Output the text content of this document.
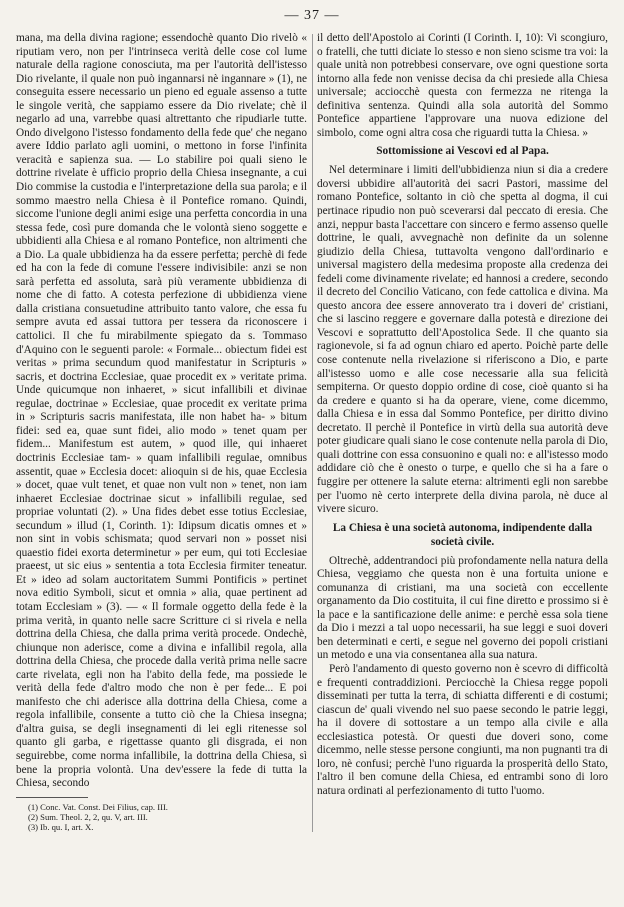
— 37 —

mana, ma della divina ragione; essendochè quanto Dio rivelò « riputiam vero, non per l'intrinseca verità delle cose col lume naturale della ragione conosciuta, ma per l'autorità dell'istesso Dio rivelante, il quale non può ingannarsi nè ingannare » (1), ne conseguita essere necessario un pieno ed eguale assenso a tutte le singole verità, che sappiamo essere da Dio rivelate; chè il negarlo ad una, varrebbe quasi altrettanto che ripudiarle tutte. Ondo divelgono l'istesso fondamento della fede que' che negano avere Iddio parlato agli uomini, o mettono in forse l'infinita veracità e sapienza sua. — Lo stabilire poi quali sieno le dottrine rivelate è ufficio proprio della Chiesa insegnante, a cui Dio commise la custodia e l'interpretazione della sua parola; e il sommo maestro nella Chiesa è il Pontefice romano. Quindi, siccome l'unione degli animi esige una perfetta concordia in una stessa fede, così pure domanda che le volontà sieno soggette e ubbidienti alla Chiesa e al romano Pontefice, non altrimenti che a Dio. La quale ubbidienza ha da essere perfetta; perchè di fede ed ha con la fede di comune l'essere indivisibile: anzi se non sarà perfetta ed assoluta, sarà più veramente ubbidienza di nome che di fatto. A cotesta perfezione di ubbidienza viene dalla cristiana consuetudine attribuito tanto valore, che essa fu sempre avuta ed assai tuttora per tessera da riconoscere i cattolici. Il che fu mirabilmente spiegato da s. Tommaso d'Aquino con le seguenti parole: « Formale... obiectum fidei est veritas » prima secundum quod manifestatur in Scripturis » sacris, et doctrina Ecclesiae, quae procedit ex » veritate prima. Unde quicumque non inhaeret, » sicut infallibili et divinae regulae, doctrinae » Ecclesiae, quae procedit ex veritate prima in » Scripturis sacris manifestata, ille non habet ha- » bitum fidei: sed ea, quae sunt fidei, alio modo » tenet quam per fidem... Manifestum est autem, » quod ille, qui inhaeret doctrinis Ecclesiae tam- » quam infallibili regulae, omnibus assentit, quae » Ecclesia docet: alioquin si de his, quae Ecclesia » docet, quae vult tenet, et quae non vult non » tenet, non iam inhaeret Ecclesiae doctrinae sicut » infallibili regulae, sed propriae voluntati (2). » Una fides debet esse totius Ecclesiae, secundum » illud (1, Corinth. 1): Idipsum dicatis omnes et » non sint in vobis schismata; quod servari non » posset nisi quaestio fidei exorta determinetur » per eum, qui toti Ecclesiae praeest, ut sic eius » sententia a tota Ecclesia firmiter teneatur. Et » ideo ad solam auctoritatem Summi Pontificis » pertinet nova editio Symboli, sicut et omnia » alia, quae pertinent ad totam Ecclesiam » (3). — « Il formale oggetto della fede è la prima verità, in quanto nelle sacre Scritture ci si rivela e nella dottrina della Chiesa, che dalla prima verità procede. Ondechè, chiunque non aderisce, come a divina e infallibil regola, alla dottrina della Chiesa, che procede dalla verità prima nelle sacre carte rivelata, egli non ha l'abito della fede, ma possiede le verità della fede d'altro modo che non è per fede... E poi manifesto che chi aderisce alla dottrina della Chiesa, come a regola infallibile, consente a tutto ciò che la Chiesa insegna; d'altra guisa, se degli insegnamenti di lei egli ritenesse sol quanto gli garba, e rigettasse quanto gli disgrada, ei non seguirebbe, come norma infallibile, la dottrina della Chiesa, sì bene la propria volontà. Una dev'essere la fede di tutta la Chiesa, secondo

(1) Conc. Vat. Const. Dei Filius, cap. III.

(2) Sum. Theol. 2, 2, qu. V, art. III.

(3) Ib. qu. I, art. X.

il detto dell'Apostolo ai Corinti (I Corinth. I, 10): Vi scongiuro, o fratelli, che tutti diciate lo stesso e non sieno scisme tra voi: la quale unità non potrebbesi conservare, ove ogni questione sorta intorno alla fede non venisse decisa da chi presiede alla Chiesa universale; acciocchè questa con fermezza ne ritenga la definitiva sentenza. Quindi alla sola autorità del Sommo Pontefice appartiene l'approvare una nuova edizione del simbolo, come ogni altra cosa che riguardi tutta la Chiesa. »

Sottomissione ai Vescovi ed al Papa.

Nel determinare i limiti dell'ubbidienza niun si dia a credere doversi ubbidire all'autorità dei sacri Pastori, massime del romano Pontefice, soltanto in ciò che spetta al dogma, il cui pertinace ripudio non può sceverarsi dal peccato di eresia. Che anzi, neppur basta l'accettare con sincero e fermo assenso quelle dottrine, le quali, avvegnachè non definite da un solenne giudizio della Chiesa, tuttavolta vengono dall'ordinario e universal magistero della medesima proposte alla credenza dei fedeli come divinamente rivelate; ed hannosi a credere, secondo il decreto del Concilio Vaticano, con fede cattolica e divina. Ma questo ancora dee essere annoverato tra i doveri de' cristiani, che si lascino reggere e governare dalla potestà e direzione dei Vescovi e soprattutto dell'Apostolica Sede. Il che quanto sia ragionevole, si fa ad ognun chiaro ed aperto. Poichè parte delle cose contenute nella rivelazione si riferiscono a Dio, e parte all'istesso uomo e alle cose necessarie alla sua felicità sempiterna. Or questo doppio ordine di cose, cioè quanto si ha da credere e quanto si ha da operare, viene, come dicemmo, dalla Chiesa e in essa dal Sommo Pontefice, per diritto divino decretato. Il perchè il Pontefice in virtù della sua autorità deve poter giudicare quali siano le cose contenute nella parola di Dio, quali dottrine con essa consuonino e quali no: e all'istesso modo addidare ciò che è onesto o turpe, e quello che si ha a fare o fuggire per ottenere la salute eterna: altrimenti egli non sarebbe per l'uomo nè certo interprete della divina parola, nè duce al vivere sicuro.

La Chiesa è una società autonoma, indipendente dalla società civile.

Oltrechè, addentrandoci più profondamente nella natura della Chiesa, veggiamo che questa non è una fortuita unione e comunanza di cristiani, ma una società con eccellente organamento da Dio costituita, il cui fine diretto e prossimo si è la pace e la santificazione delle anime: e perchè essa sola tiene da Dio i mezzi a tal uopo necessarii, ha sue leggi e suoi doveri ben determinati e certi, e segue nel governo dei popoli cristiani un metodo e una via consentanea alla sua natura.

Però l'andamento di questo governo non è scevro di difficoltà e frequenti contraddizioni. Perciocchè la Chiesa regge popoli disseminati per tutta la terra, di schiatta differenti e di costumi; ciascun de' quali vivendo nel suo paese secondo le patrie leggi, ha il dovere di sottostare a un tempo alla civile e alla ecclesiastica potestà. Or questi due doveri sono, come dicemmo, nelle stesse persone congiunti, ma non pugnanti tra di loro, nè confusi; perchè l'uno riguarda la prosperità dello Stato, l'altro il ben comune della Chiesa, ed entrambi sono di loro natura ordinati al perfezionamento di tutto l'uomo.
